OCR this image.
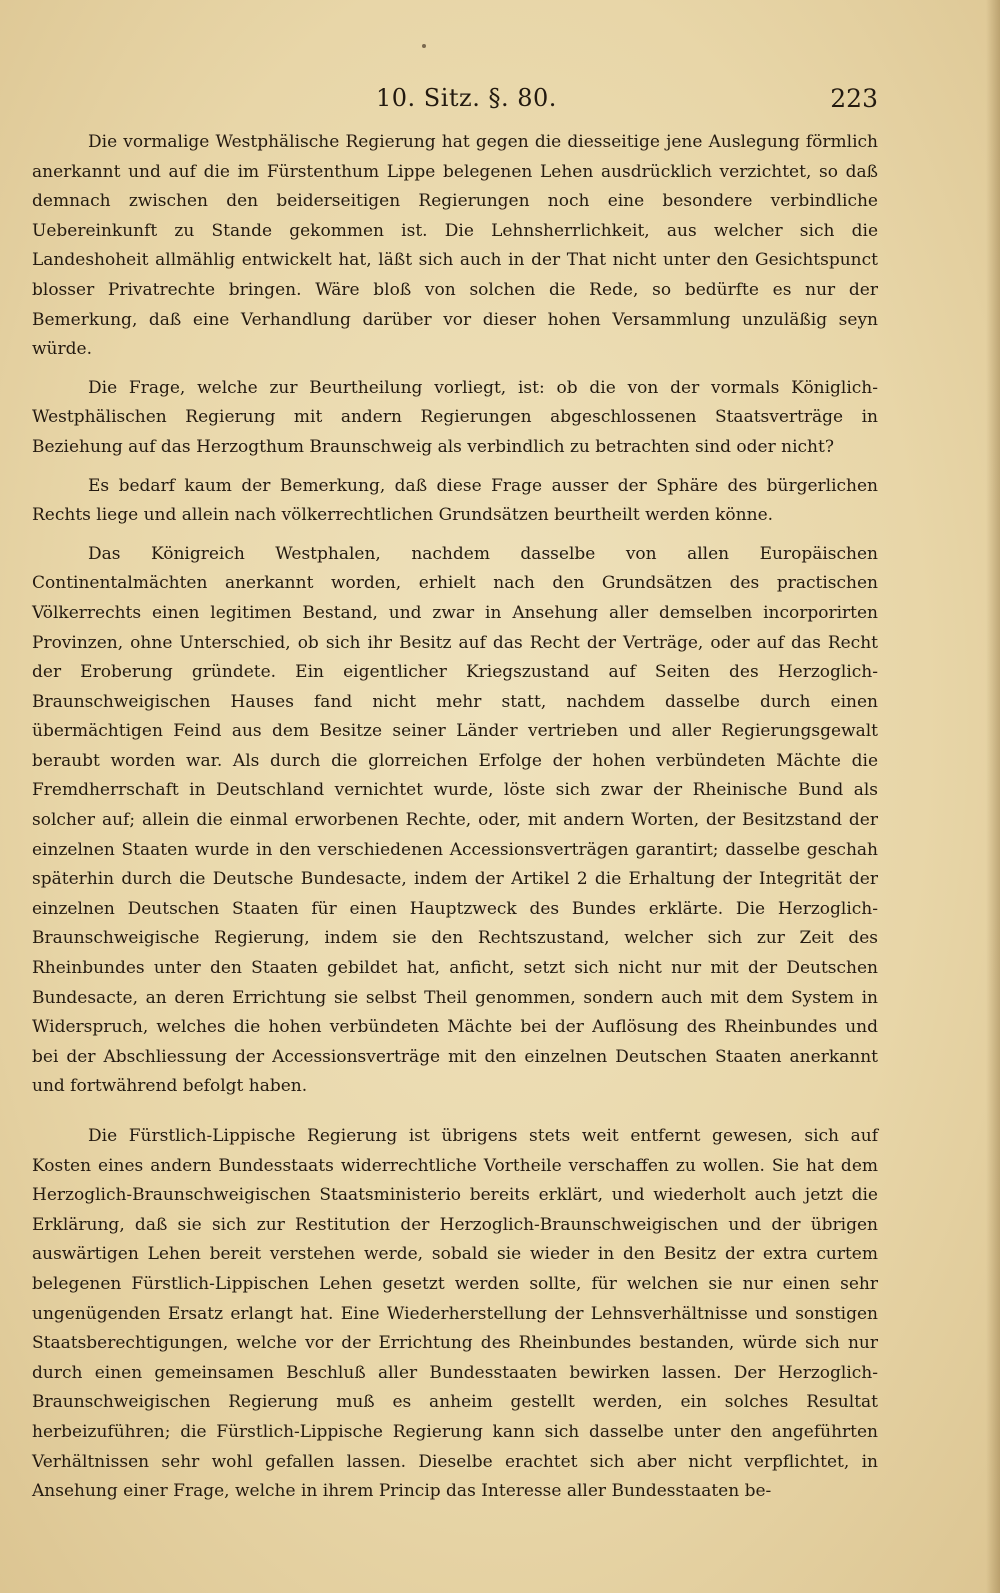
10. Sitz. §. 80.	223

Die vormalige Westphälische Regierung hat gegen die diesseitige jene Auslegung förmlich anerkannt und auf die im Fürstenthum Lippe belegenen Lehen ausdrücklich verzichtet, so daß demnach zwischen den beiderseitigen Regierungen noch eine besondere verbindliche Uebereinkunft zu Stande gekommen ist. Die Lehnsherrlichkeit, aus welcher sich die Landeshoheit allmählig entwickelt hat, läßt sich auch in der That nicht unter den Gesichtspunct blosser Privatrechte bringen. Wäre bloß von solchen die Rede, so bedürfte es nur der Bemerkung, daß eine Verhandlung darüber vor dieser hohen Versammlung unzuläßig seyn würde.

Die Frage, welche zur Beurtheilung vorliegt, ist: ob die von der vormals Königlich-Westphälischen Regierung mit andern Regierungen abgeschlossenen Staatsverträge in Beziehung auf das Herzogthum Braunschweig als verbindlich zu betrachten sind oder nicht?

Es bedarf kaum der Bemerkung, daß diese Frage ausser der Sphäre des bürgerlichen Rechts liege und allein nach völkerrechtlichen Grundsätzen beurtheilt werden könne.

Das Königreich Westphalen, nachdem dasselbe von allen Europäischen Continentalmächten anerkannt worden, erhielt nach den Grundsätzen des practischen Völkerrechts einen legitimen Bestand, und zwar in Ansehung aller demselben incorporirten Provinzen, ohne Unterschied, ob sich ihr Besitz auf das Recht der Verträge, oder auf das Recht der Eroberung gründete. Ein eigentlicher Kriegszustand auf Seiten des Herzoglich-Braunschweigischen Hauses fand nicht mehr statt, nachdem dasselbe durch einen übermächtigen Feind aus dem Besitze seiner Länder vertrieben und aller Regierungsgewalt beraubt worden war. Als durch die glorreichen Erfolge der hohen verbündeten Mächte die Fremdherrschaft in Deutschland vernichtet wurde, löste sich zwar der Rheinische Bund als solcher auf; allein die einmal erworbenen Rechte, oder, mit andern Worten, der Besitzstand der einzelnen Staaten wurde in den verschiedenen Accessionsverträgen garantirt; dasselbe geschah späterhin durch die Deutsche Bundesacte, indem der Artikel 2 die Erhaltung der Integrität der einzelnen Deutschen Staaten für einen Hauptzweck des Bundes erklärte. Die Herzoglich-Braunschweigische Regierung, indem sie den Rechtszustand, welcher sich zur Zeit des Rheinbundes unter den Staaten gebildet hat, anficht, setzt sich nicht nur mit der Deutschen Bundesacte, an deren Errichtung sie selbst Theil genommen, sondern auch mit dem System in Widerspruch, welches die hohen verbündeten Mächte bei der Auflösung des Rheinbundes und bei der Abschliessung der Accessionsverträge mit den einzelnen Deutschen Staaten anerkannt und fortwährend befolgt haben.

Die Fürstlich-Lippische Regierung ist übrigens stets weit entfernt gewesen, sich auf Kosten eines andern Bundesstaats widerrechtliche Vortheile verschaffen zu wollen. Sie hat dem Herzoglich-Braunschweigischen Staatsministerio bereits erklärt, und wiederholt auch jetzt die Erklärung, daß sie sich zur Restitution der Herzoglich-Braunschweigischen und der übrigen auswärtigen Lehen bereit verstehen werde, sobald sie wieder in den Besitz der extra curtem belegenen Fürstlich-Lippischen Lehen gesetzt werden sollte, für welchen sie nur einen sehr ungenügenden Ersatz erlangt hat. Eine Wiederherstellung der Lehnsverhältnisse und sonstigen Staatsberechtigungen, welche vor der Errichtung des Rheinbundes bestanden, würde sich nur durch einen gemeinsamen Beschluß aller Bundesstaaten bewirken lassen. Der Herzoglich-Braunschweigischen Regierung muß es anheim gestellt werden, ein solches Resultat herbeizuführen; die Fürstlich-Lippische Regierung kann sich dasselbe unter den angeführten Verhältnissen sehr wohl gefallen lassen. Dieselbe erachtet sich aber nicht verpflichtet, in Ansehung einer Frage, welche in ihrem Princip das Interesse aller Bundesstaaten be-
